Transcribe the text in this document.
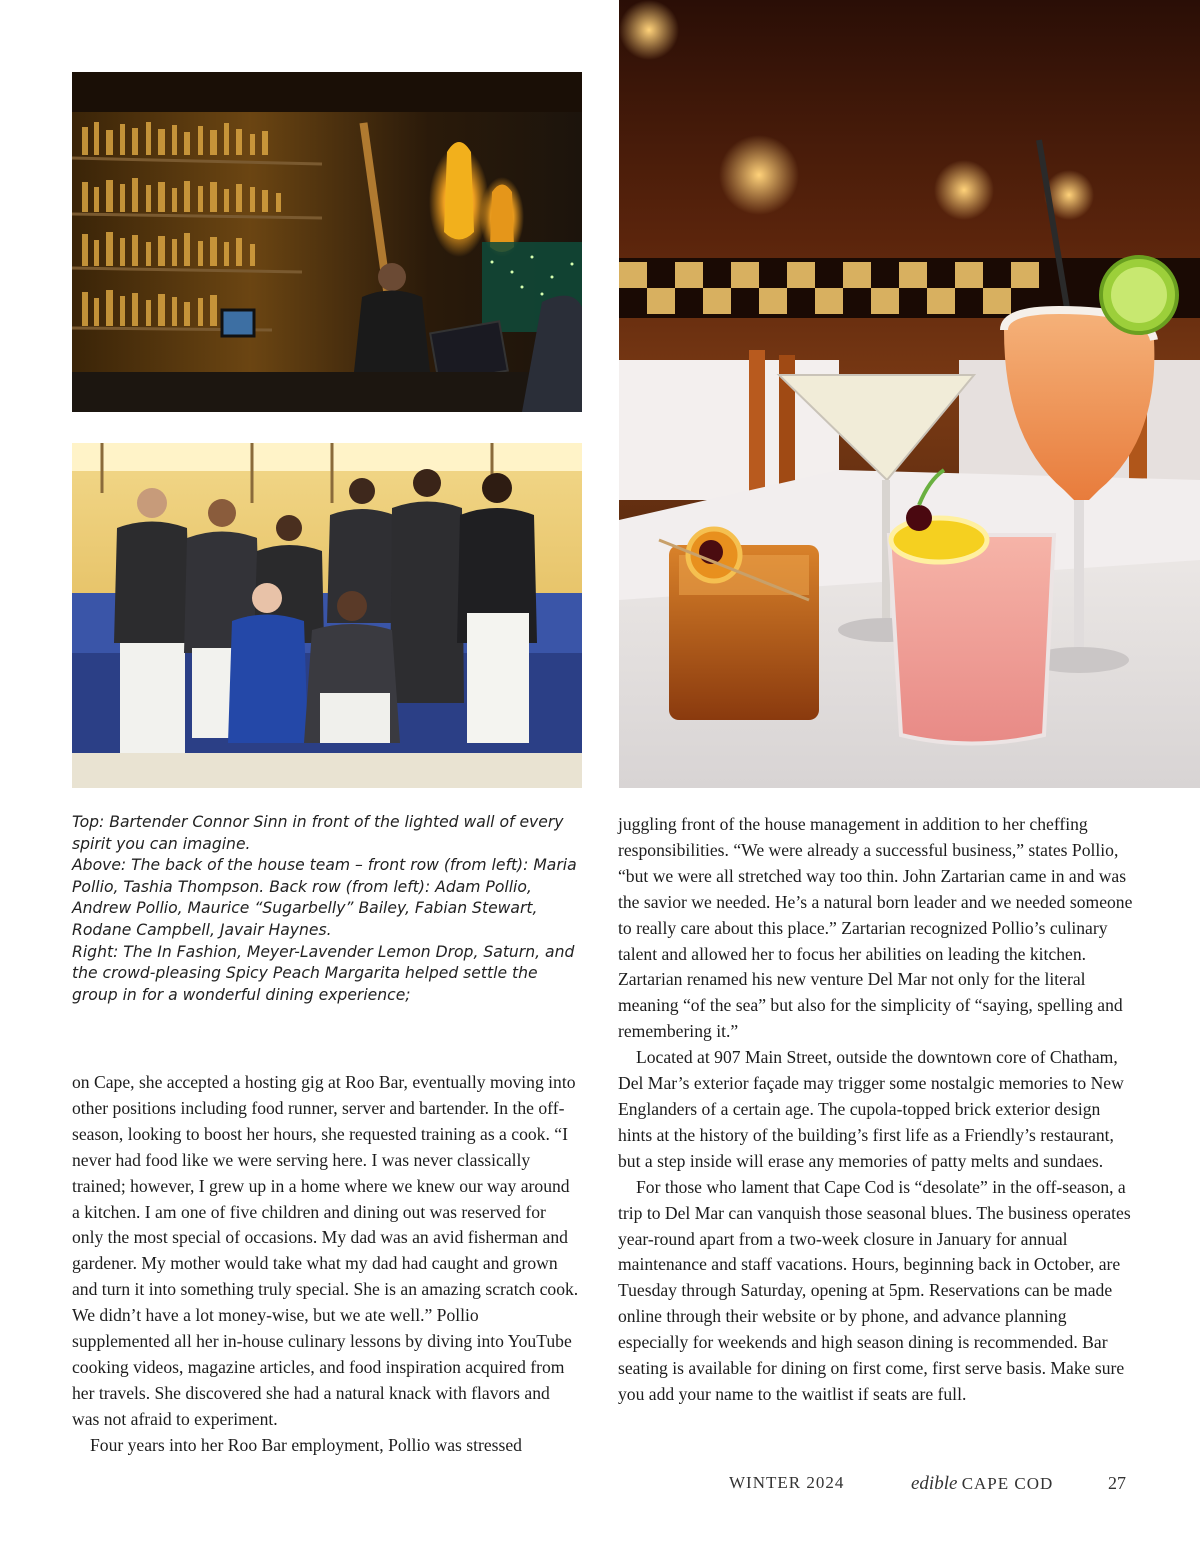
Top: Bartender Connor Sinn in front of the lighted wall of every spirit you can imagine.

Above: The back of the house team – front row (from left): Maria Pollio, Tashia Thompson. Back row (from left): Adam Pollio, Andrew Pollio, Maurice “Sugarbelly” Bailey, Fabian Stewart, Rodane Campbell, Javair Haynes.

Right: The In Fashion, Meyer-Lavender Lemon Drop, Saturn, and the crowd-pleasing Spicy Peach Margarita helped settle the group in for a wonderful dining experience;

on Cape, she accepted a hosting gig at Roo Bar, eventually moving into other positions including food runner, server and bartender. In the off-season, looking to boost her hours, she requested training as a cook. “I never had food like we were serving here. I was never classically trained; however, I grew up in a home where we knew our way around a kitchen. I am one of five children and dining out was reserved for only the most special of occasions. My dad was an avid fisherman and gardener. My mother would take what my dad had caught and grown and turn it into something truly special. She is an amazing scratch cook. We didn’t have a lot money-wise, but we ate well.” Pollio supplemented all her in-house culinary lessons by diving into YouTube cooking videos, magazine articles, and food inspiration acquired from her travels. She discovered she had a natural knack with flavors and was not afraid to experiment.

Four years into her Roo Bar employment, Pollio was stressed

juggling front of the house management in addition to her cheffing responsibilities. “We were already a successful business,” states Pollio, “but we were all stretched way too thin. John Zartarian came in and was the savior we needed. He’s a natural born leader and we needed someone to really care about this place.” Zartarian recognized Pollio’s culinary talent and allowed her to focus her abilities on leading the kitchen. Zartarian renamed his new venture Del Mar not only for the literal meaning “of the sea” but also for the simplicity of “saying, spelling and remembering it.”

Located at 907 Main Street, outside the downtown core of Chatham, Del Mar’s exterior façade may trigger some nostalgic memories to New Englanders of a certain age. The cupola-topped brick exterior design hints at the history of the building’s first life as a Friendly’s restaurant, but a step inside will erase any memories of patty melts and sundaes.

For those who lament that Cape Cod is “desolate” in the off-season, a trip to Del Mar can vanquish those seasonal blues. The business operates year-round apart from a two-week closure in January for annual maintenance and staff vacations. Hours, beginning back in October, are Tuesday through Saturday, opening at 5pm. Reservations can be made online through their website or by phone, and advance planning especially for weekends and high season dining is recommended. Bar seating is available for dining on first come, first serve basis. Make sure you add your name to the waitlist if seats are full.

WINTER 2024	edible CAPE COD	27
